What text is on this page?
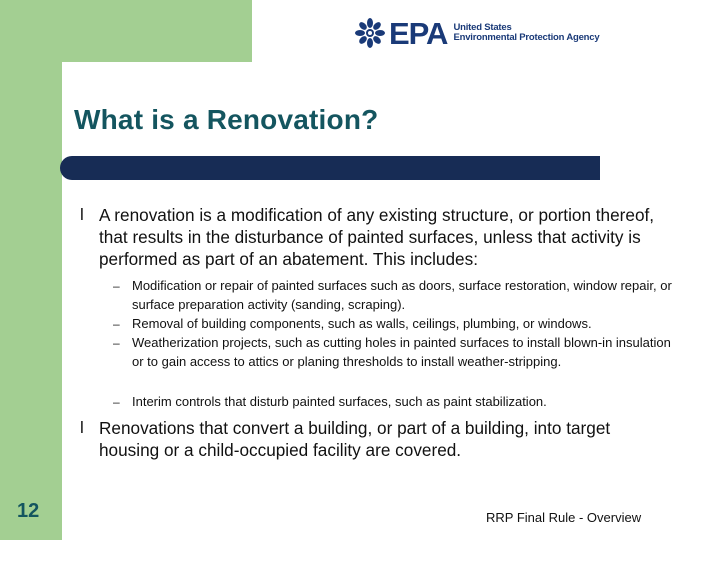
EPA United States
Environmental Protection Agency
What is a Renovation?
l A renovation is a modification of any existing structure, or portion thereof, that results in the disturbance of painted surfaces, unless that activity is performed as part of an abatement. This includes:
– Modification or repair of painted surfaces such as doors, surface restoration, window repair, or surface preparation activity (sanding, scraping).
– Removal of building components, such as walls, ceilings, plumbing, or windows.
– Weatherization projects, such as cutting holes in painted surfaces to install blown-in insulation or to gain access to attics or planing thresholds to install weather-stripping.
– Interim controls that disturb painted surfaces, such as paint stabilization.
l Renovations that convert a building, or part of a building, into target housing or a child-occupied facility are covered.
12	RRP Final Rule - Overview
